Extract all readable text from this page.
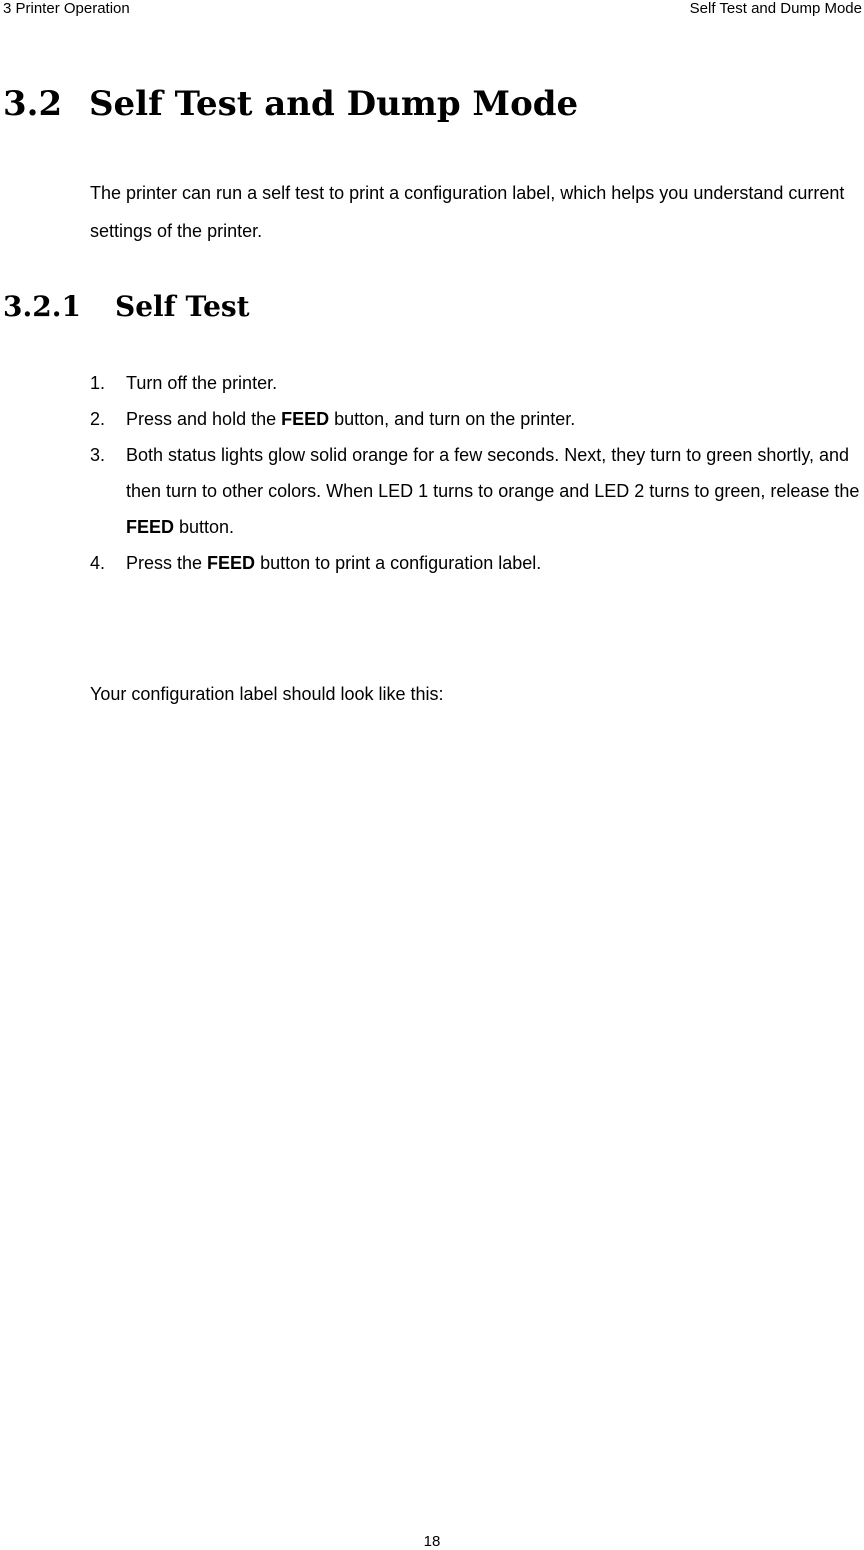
3 Printer Operation	Self Test and Dump Mode
3.2 Self Test and Dump Mode
The printer can run a self test to print a configuration label, which helps you understand current settings of the printer.
3.2.1 Self Test
1. Turn off the printer.
2. Press and hold the FEED button, and turn on the printer.
3. Both status lights glow solid orange for a few seconds. Next, they turn to green shortly, and then turn to other colors. When LED 1 turns to orange and LED 2 turns to green, release the FEED button.
4. Press the FEED button to print a configuration label.
Your configuration label should look like this:
18
